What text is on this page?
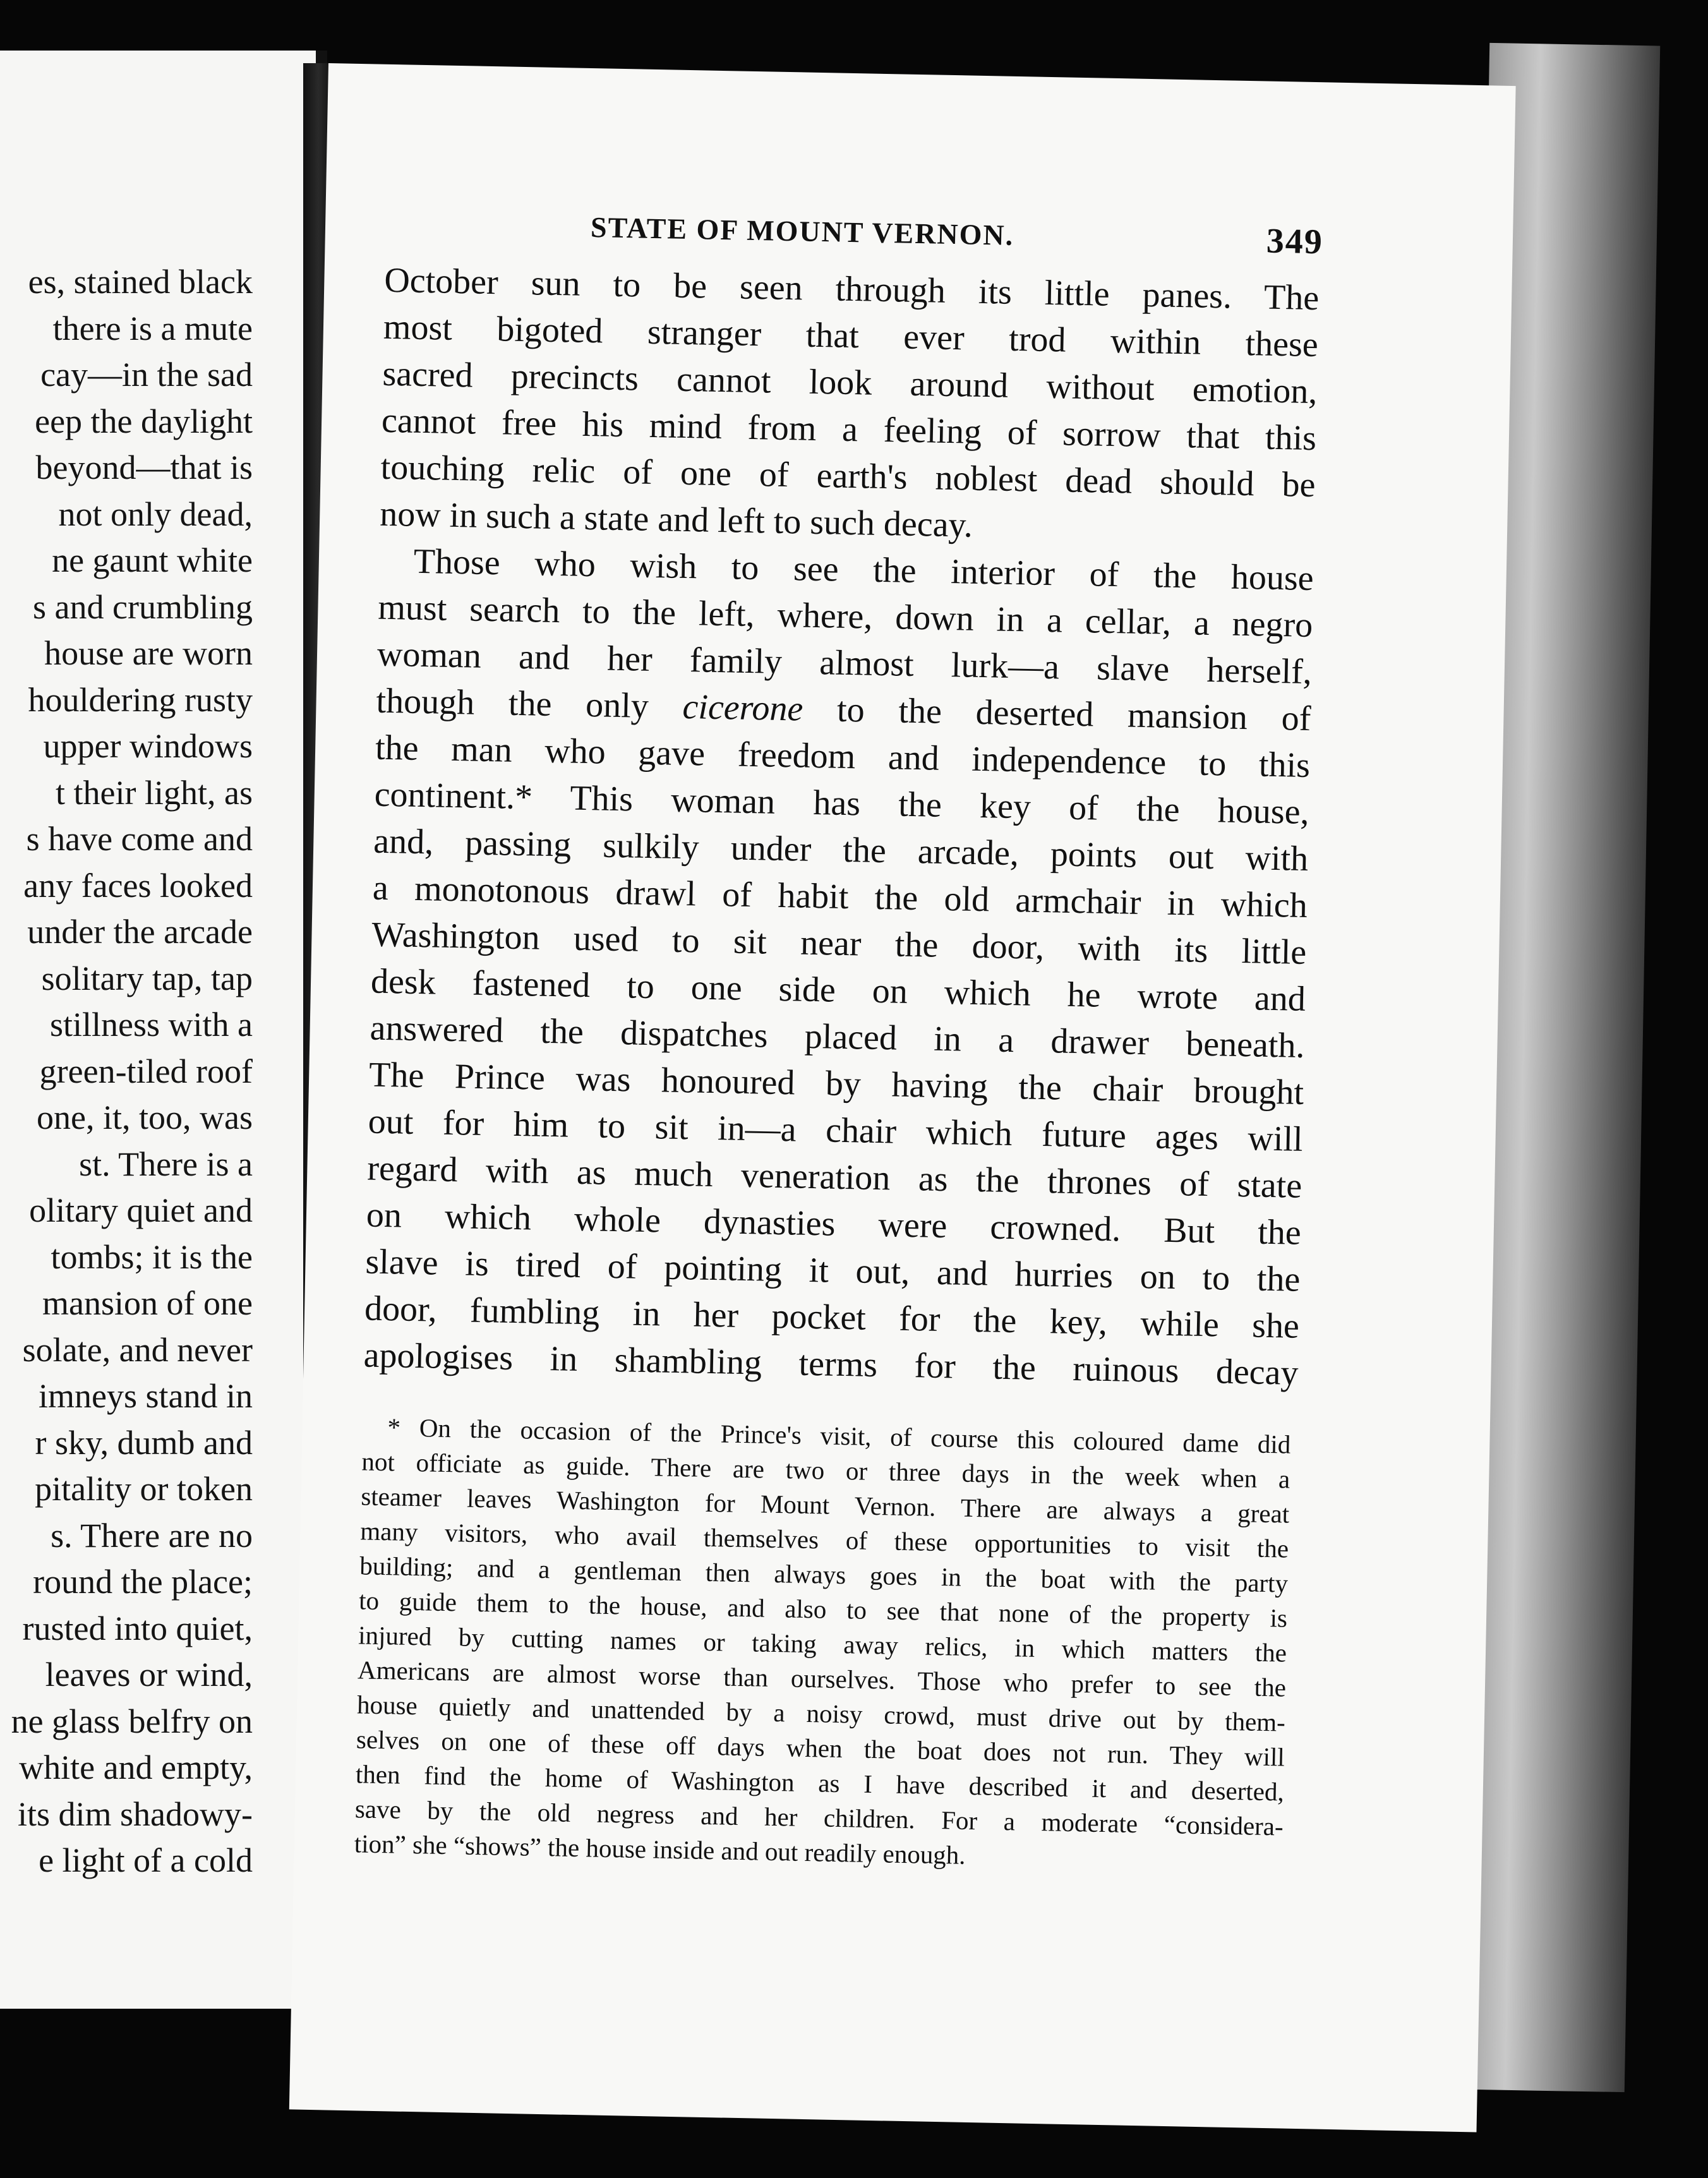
es, stained black
there is a mute
cay—in the sad
eep the daylight
beyond—that is
not only dead,
ne gaunt white
s and crumbling
house are worn
houldering rusty
upper windows
t their light, as
s have come and
any faces looked
under the arcade
solitary tap, tap
stillness with a
green-tiled roof
one, it, too, was
st. There is a
olitary quiet and
tombs; it is the
mansion of one
solate, and never
imneys stand in
r sky, dumb and
pitality or token
s. There are no
round the place;
rusted into quiet,
leaves or wind,
ne glass belfry on
white and empty,
its dim shadowy-
e light of a cold
STATE OF MOUNT VERNON.	349
October sun to be seen through its little panes. The
most bigoted stranger that ever trod within these
sacred precincts cannot look around without emotion,
cannot free his mind from a feeling of sorrow that this
touching relic of one of earth's noblest dead should be
now in such a state and left to such decay.
Those who wish to see the interior of the house
must search to the left, where, down in a cellar, a negro
woman and her family almost lurk—a slave herself,
though the only cicerone to the deserted mansion of
the man who gave freedom and independence to this
continent.* This woman has the key of the house,
and, passing sulkily under the arcade, points out with
a monotonous drawl of habit the old armchair in which
Washington used to sit near the door, with its little
desk fastened to one side on which he wrote and
answered the dispatches placed in a drawer beneath.
The Prince was honoured by having the chair brought
out for him to sit in—a chair which future ages will
regard with as much veneration as the thrones of state
on which whole dynasties were crowned. But the
slave is tired of pointing it out, and hurries on to the
door, fumbling in her pocket for the key, while she
apologises in shambling terms for the ruinous decay
* On the occasion of the Prince's visit, of course this coloured dame did
not officiate as guide. There are two or three days in the week when a
steamer leaves Washington for Mount Vernon. There are always a great
many visitors, who avail themselves of these opportunities to visit the
building; and a gentleman then always goes in the boat with the party
to guide them to the house, and also to see that none of the property is
injured by cutting names or taking away relics, in which matters the
Americans are almost worse than ourselves. Those who prefer to see the
house quietly and unattended by a noisy crowd, must drive out by them-
selves on one of these off days when the boat does not run. They will
then find the home of Washington as I have described it and deserted,
save by the old negress and her children. For a moderate “considera-
tion” she “shows” the house inside and out readily enough.
